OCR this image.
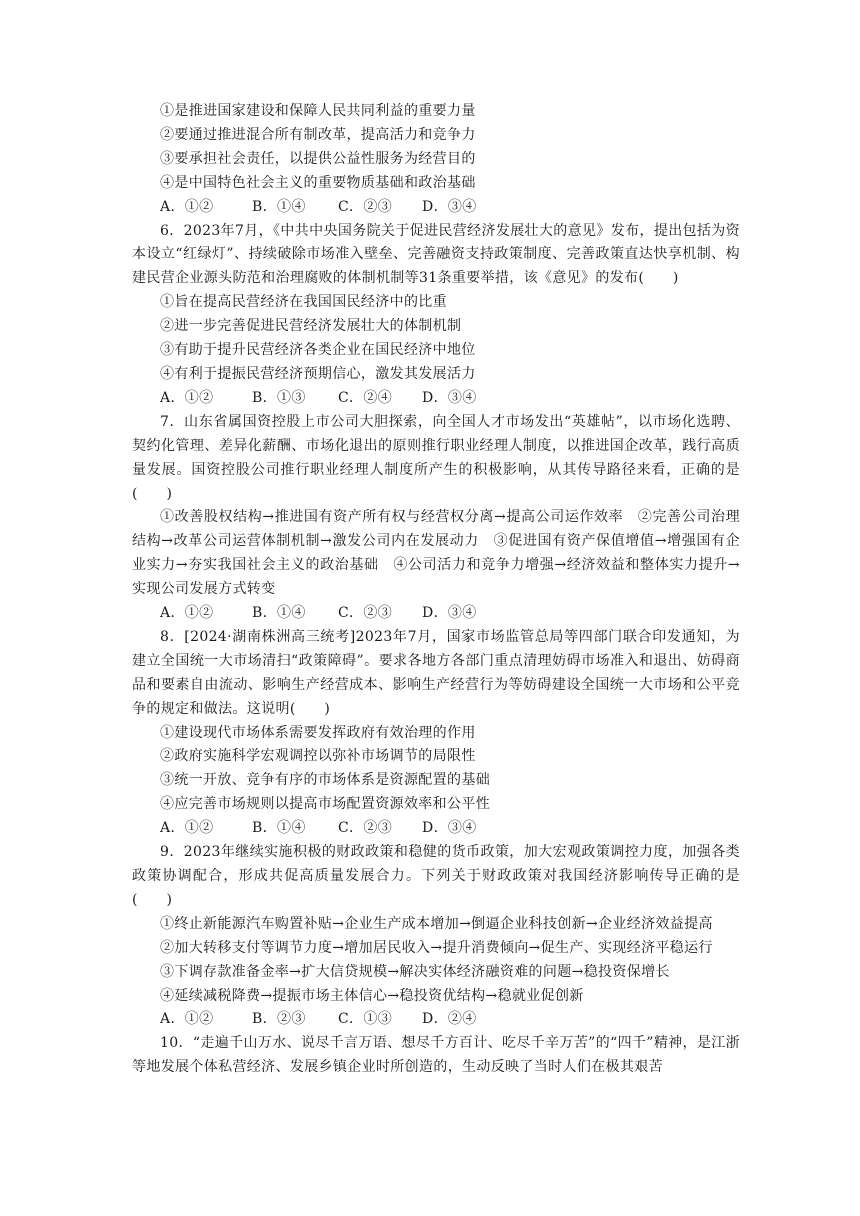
①是推进国家建设和保障人民共同利益的重要力量
②要通过推进混合所有制改革，提高活力和竞争力
③要承担社会责任，以提供公益性服务为经营目的
④是中国特色社会主义的重要物质基础和政治基础
A．①②	B．①④ C．②③ D．③④
6．2023年7月，《中共中央国务院关于促进民营经济发展壮大的意见》发布，提出包括为资本设立“红绿灯”、持续破除市场准入壁垒、完善融资支持政策制度、完善政策直达快享机制、构建民营企业源头防范和治理腐败的体制机制等31条重要举措，该《意见》的发布(　　)
①旨在提高民营经济在我国国民经济中的比重
②进一步完善促进民营经济发展壮大的体制机制
③有助于提升民营经济各类企业在国民经济中地位
④有利于提振民营经济预期信心，激发其发展活力
A．①②	B．①③ C．②④ D．③④
7．山东省属国资控股上市公司大胆探索，向全国人才市场发出“英雄帖”，以市场化选聘、契约化管理、差异化薪酬、市场化退出的原则推行职业经理人制度，以推进国企改革，践行高质量发展。国资控股公司推行职业经理人制度所产生的积极影响，从其传导路径来看，正确的是(　　)
①改善股权结构→推进国有资产所有权与经营权分离→提高公司运作效率　②完善公司治理结构→改革公司运营体制机制→激发公司内在发展动力　③促进国有资产保值增值→增强国有企业实力→夯实我国社会主义的政治基础　④公司活力和竞争力增强→经济效益和整体实力提升→实现公司发展方式转变
A．①②	B．①④ C．②③ D．③④
8．[2024·湖南株洲高三统考]2023年7月，国家市场监管总局等四部门联合印发通知，为建立全国统一大市场清扫“政策障碍”。要求各地方各部门重点清理妨碍市场准入和退出、妨碍商品和要素自由流动、影响生产经营成本、影响生产经营行为等妨碍建设全国统一大市场和公平竞争的规定和做法。这说明(　　)
①建设现代市场体系需要发挥政府有效治理的作用
②政府实施科学宏观调控以弥补市场调节的局限性
③统一开放、竞争有序的市场体系是资源配置的基础
④应完善市场规则以提高市场配置资源效率和公平性
A．①②	B．①④ C．②③ D．③④
9．2023年继续实施积极的财政政策和稳健的货币政策，加大宏观政策调控力度，加强各类政策协调配合，形成共促高质量发展合力。下列关于财政政策对我国经济影响传导正确的是(　　)
①终止新能源汽车购置补贴→企业生产成本增加→倒逼企业科技创新→企业经济效益提高
②加大转移支付等调节力度→增加居民收入→提升消费倾向→促生产、实现经济平稳运行
③下调存款准备金率→扩大信贷规模→解决实体经济融资难的问题→稳投资保增长
④延续减税降费→提振市场主体信心→稳投资优结构→稳就业促创新
A．①②	B．②③ C．①③ D．②④
10．“走遍千山万水、说尽千言万语、想尽千方百计、吃尽千辛万苦”的“四千”精神，是江浙等地发展个体私营经济、发展乡镇企业时所创造的，生动反映了当时人们在极其艰苦
